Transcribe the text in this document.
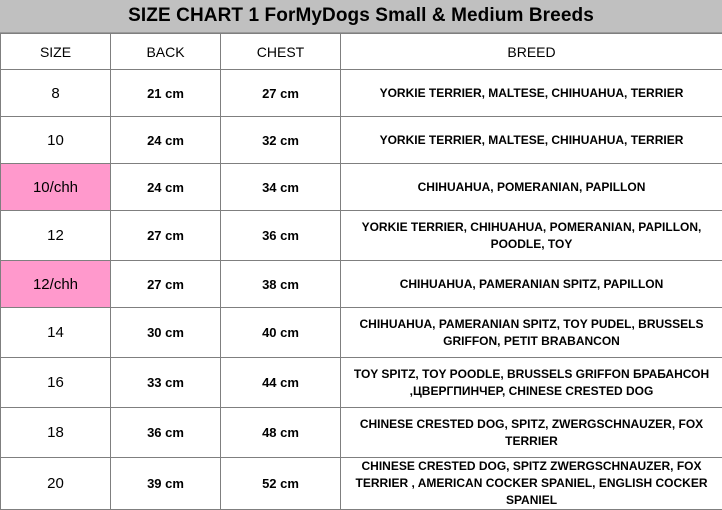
SIZE CHART 1 ForMyDogs Small & Medium Breeds
SIZE	BACK	CHEST	BREED
8	21 cm	27 cm	YORKIE TERRIER, MALTESE, CHIHUAHUA, TERRIER
10	24 cm	32 cm	YORKIE TERRIER, MALTESE, CHIHUAHUA, TERRIER
10/chh	24 cm	34 cm	CHIHUAHUA, POMERANIAN, PAPILLON
12	27 cm	36 cm	YORKIE TERRIER, CHIHUAHUA, POMERANIAN, PAPILLON, POODLE, TOY
12/chh	27 cm	38 cm	CHIHUAHUA, PAMERANIAN SPITZ, PAPILLON
14	30 cm	40 cm	CHIHUAHUA, PAMERANIAN SPITZ, TOY PUDEL, BRUSSELS GRIFFON, PETIT BRABANCON
16	33 cm	44 cm	TOY SPITZ, TOY POODLE, BRUSSELS GRIFFON БРАБАНСОН ,ЦВЕРГПИНЧЕР, CHINESE CRESTED DOG
18	36 cm	48 cm	CHINESE CRESTED DOG, SPITZ, ZWERGSCHNAUZER, FOX TERRIER
20	39 cm	52 cm	CHINESE CRESTED DOG, SPITZ ZWERGSCHNAUZER, FOX TERRIER , AMERICAN COCKER SPANIEL, ENGLISH COCKER SPANIEL
